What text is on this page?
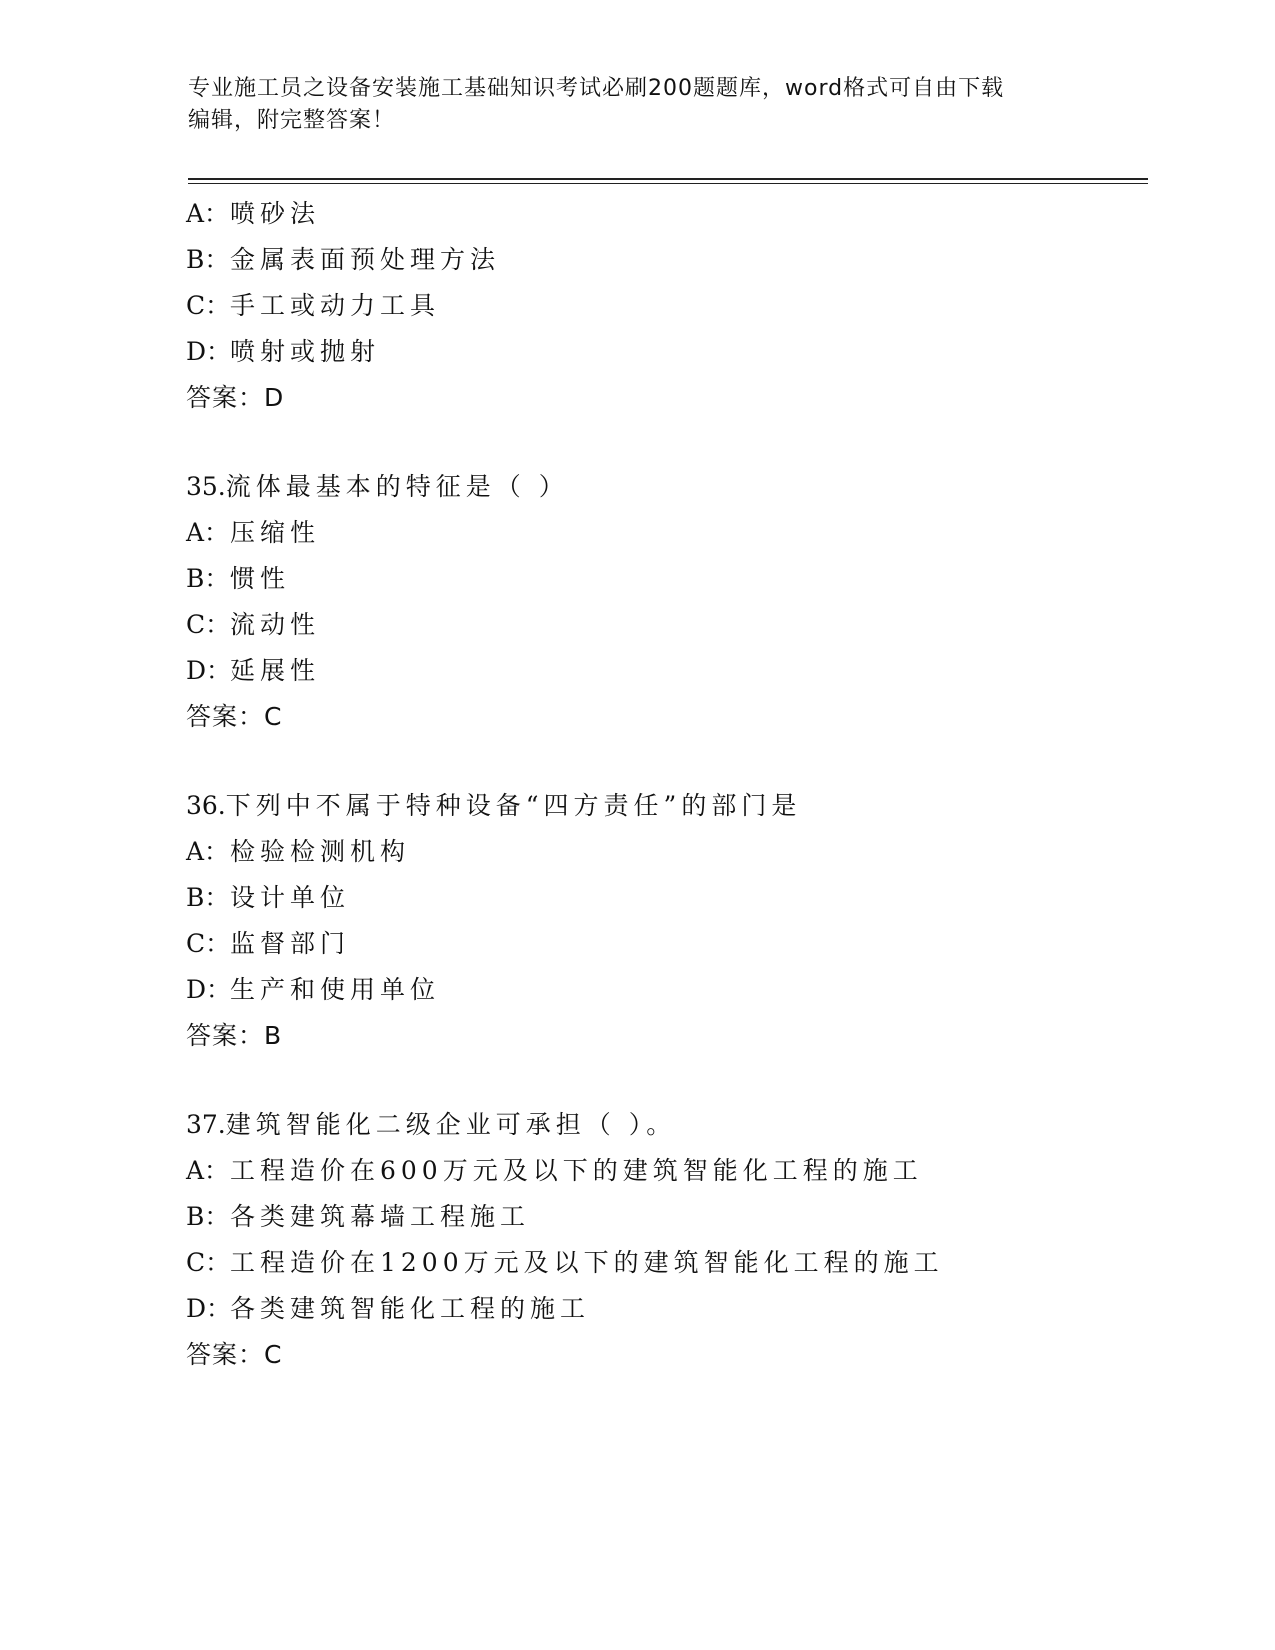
专业施工员之设备安装施工基础知识考试必刷200题题库，word格式可自由下载
编辑，附完整答案！
A：喷砂法
B：金属表面预处理方法
C：手工或动力工具
D：喷射或抛射
答案：D
35.流体最基本的特征是（ ）
A：压缩性
B：惯性
C：流动性
D：延展性
答案：C
36.下列中不属于特种设备“四方责任”的部门是
A：检验检测机构
B：设计单位
C：监督部门
D：生产和使用单位
答案：B
37.建筑智能化二级企业可承担（ ）。
A：工程造价在600万元及以下的建筑智能化工程的施工
B：各类建筑幕墙工程施工
C：工程造价在1200万元及以下的建筑智能化工程的施工
D：各类建筑智能化工程的施工
答案：C
